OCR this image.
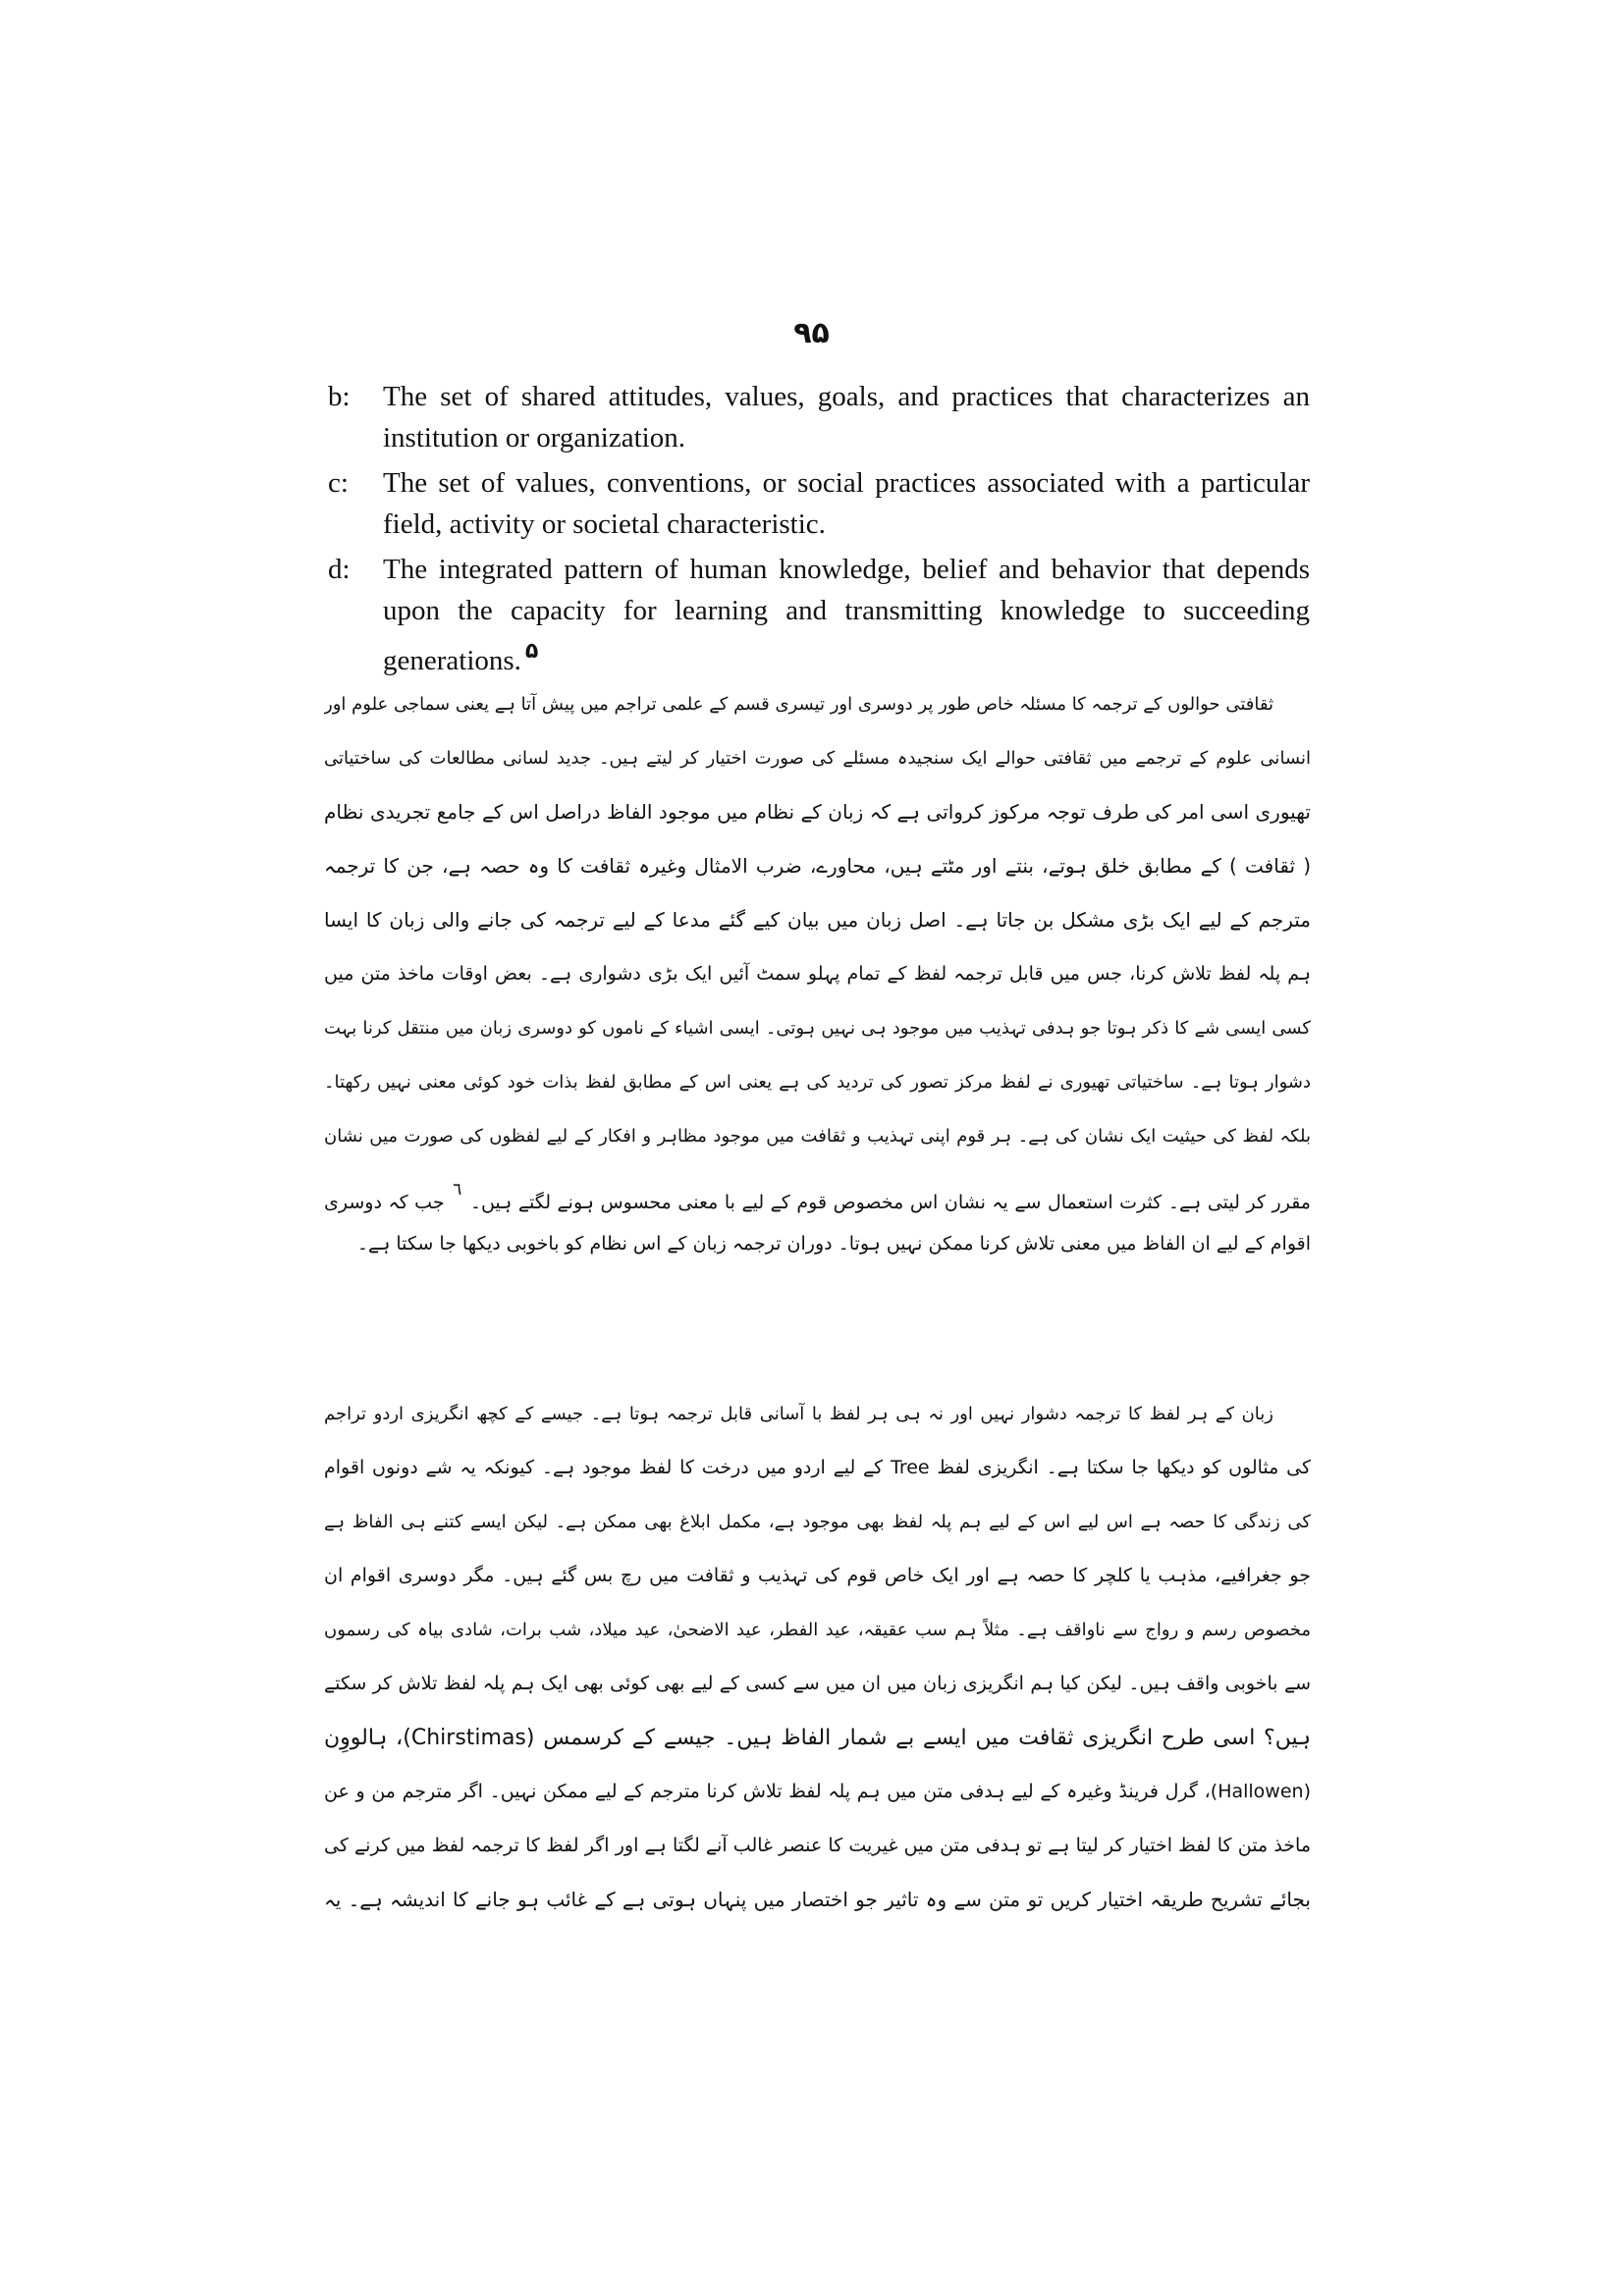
۹۵
b: The set of shared attitudes, values, goals, and practices that characterizes an institution or organization.
c: The set of values, conventions, or social practices associated with a particular field, activity or societal characteristic.
d: The integrated pattern of human knowledge, belief and behavior that depends upon the capacity for learning and transmitting knowledge to succeeding generations. ۵
ثقافتی حوالوں کے ترجمہ کا مسئلہ خاص طور پر دوسری اور تیسری قسم کے علمی تراجم میں پیش آتا ہے یعنی سماجی علوم اور
انسانی علوم کے ترجمے میں ثقافتی حوالے ایک سنجیدہ مسئلے کی صورت اختیار کر لیتے ہیں۔ جدید لسانی مطالعات کی ساختیاتی
تھیوری اسی امر کی طرف توجہ مرکوز کرواتی ہے کہ زبان کے نظام میں موجود الفاظ دراصل اس کے جامع تجریدی نظام
( ثقافت ) کے مطابق خلق ہوتے، بنتے اور مٹتے ہیں، محاورے، ضرب الامثال وغیرہ ثقافت کا وہ حصہ ہے، جن کا ترجمہ
مترجم کے لیے ایک بڑی مشکل بن جاتا ہے۔ اصل زبان میں بیان کیے گئے مدعا کے لیے ترجمہ کی جانے والی زبان کا ایسا
ہم پلہ لفظ تلاش کرنا، جس میں قابل ترجمہ لفظ کے تمام پہلو سمٹ آئیں ایک بڑی دشواری ہے۔ بعض اوقات ماخذ متن میں
کسی ایسی شے کا ذکر ہوتا جو ہدفی تہذیب میں موجود ہی نہیں ہوتی۔ ایسی اشیاء کے ناموں کو دوسری زبان میں منتقل کرنا بہت
دشوار ہوتا ہے۔ ساختیاتی تھیوری نے لفظ مرکز تصور کی تردید کی ہے یعنی اس کے مطابق لفظ بذات خود کوئی معنی نہیں رکھتا۔
بلکہ لفظ کی حیثیت ایک نشان کی ہے۔ ہر قوم اپنی تہذیب و ثقافت میں موجود مظاہر و افکار کے لیے لفظوں کی صورت میں نشان
مقرر کر لیتی ہے۔ کثرت استعمال سے یہ نشان اس مخصوص قوم کے لیے با معنی محسوس ہونے لگتے ہیں۔ ٦ جب کہ دوسری
اقوام کے لیے ان الفاظ میں معنی تلاش کرنا ممکن نہیں ہوتا۔ دوران ترجمہ زبان کے اس نظام کو باخوبی دیکھا جا سکتا ہے۔
زبان کے ہر لفظ کا ترجمہ دشوار نہیں اور نہ ہی ہر لفظ با آسانی قابل ترجمہ ہوتا ہے۔ جیسے کے کچھ انگریزی اردو تراجم
کی مثالوں کو دیکھا جا سکتا ہے۔ انگریزی لفظ Tree کے لیے اردو میں درخت کا لفظ موجود ہے۔ کیونکہ یہ شے دونوں اقوام
کی زندگی کا حصہ ہے اس لیے اس کے لیے ہم پلہ لفظ بھی موجود ہے، مکمل ابلاغ بھی ممکن ہے۔ لیکن ایسے کتنے ہی الفاظ ہے
جو جغرافیے، مذہب یا کلچر کا حصہ ہے اور ایک خاص قوم کی تہذیب و ثقافت میں رچ بس گئے ہیں۔ مگر دوسری اقوام ان
مخصوص رسم و رواج سے ناواقف ہے۔ مثلاً ہم سب عقیقہ، عید الفطر، عید الاضحیٰ، عید میلاد، شب برات، شادی بیاہ کی رسموں
سے باخوبی واقف ہیں۔ لیکن کیا ہم انگریزی زبان میں ان میں سے کسی کے لیے بھی کوئی بھی ایک ہم پلہ لفظ تلاش کر سکتے
ہیں؟ اسی طرح انگریزی ثقافت میں ایسے بے شمار الفاظ ہیں۔ جیسے کے کرسمس (Chirstimas)، ہالووِن
(Hallowen)، گرل فرینڈ وغیرہ کے لیے ہدفی متن میں ہم پلہ لفظ تلاش کرنا مترجم کے لیے ممکن نہیں۔ اگر مترجم من و عن
ماخذ متن کا لفظ اختیار کر لیتا ہے تو ہدفی متن میں غیریت کا عنصر غالب آنے لگتا ہے اور اگر لفظ کا ترجمہ لفظ میں کرنے کی
بجائے تشریح طریقہ اختیار کریں تو متن سے وہ تاثیر جو اختصار میں پنہاں ہوتی ہے کے غائب ہو جانے کا اندیشہ ہے۔ یہ
